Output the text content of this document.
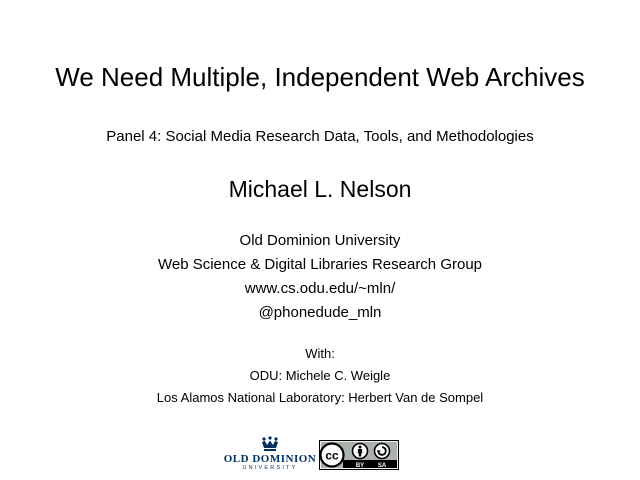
We Need Multiple, Independent Web Archives
Panel 4: Social Media Research Data, Tools, and Methodologies
Michael L. Nelson
Old Dominion University
Web Science & Digital Libraries Research Group
www.cs.odu.edu/~mln/
@phonedude_mln
With:
ODU: Michele C. Weigle
Los Alamos National Laboratory: Herbert Van de Sompel
OLD DOMINION
UNIVERSITY
cc
BY SA
